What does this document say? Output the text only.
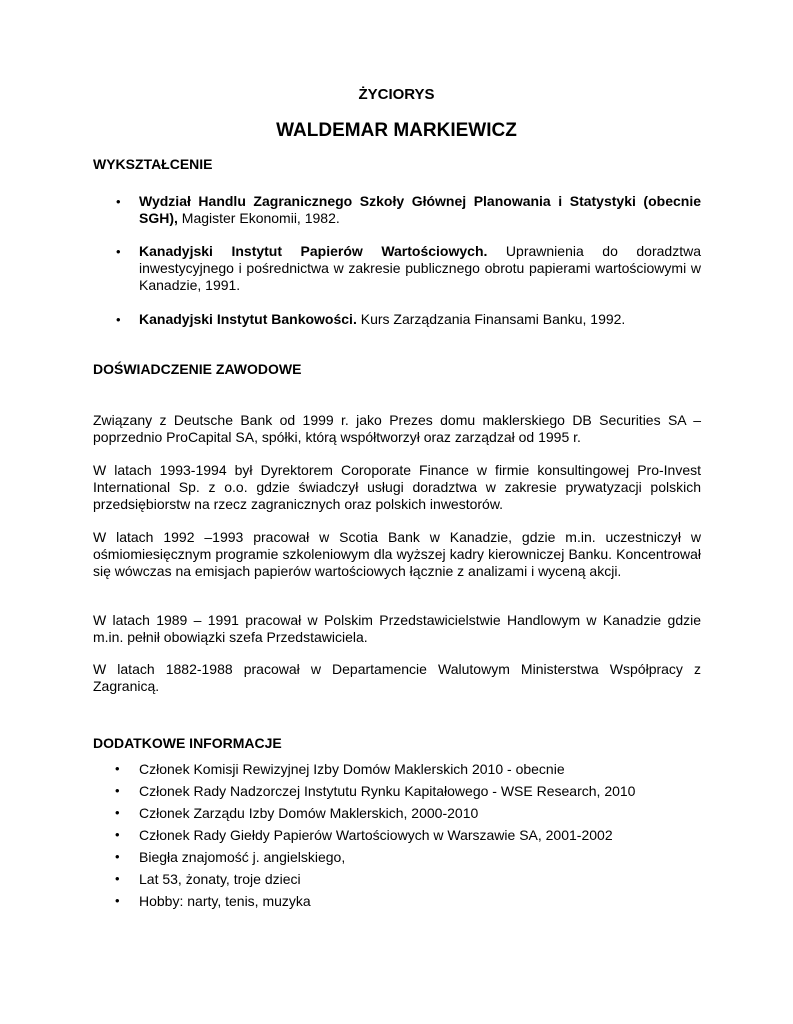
ŻYCIORYS
WALDEMAR MARKIEWICZ
WYKSZTAŁCENIE
• Wydział Handlu Zagranicznego Szkoły Głównej Planowania i Statystyki (obecnie SGH), Magister Ekonomii, 1982.
• Kanadyjski Instytut Papierów Wartościowych. Uprawnienia do doradztwa inwestycyjnego i pośrednictwa w zakresie publicznego obrotu papierami wartościowymi w Kanadzie, 1991.
• Kanadyjski Instytut Bankowości. Kurs Zarządzania Finansami Banku, 1992.
DOŚWIADCZENIE ZAWODOWE

Związany z Deutsche Bank od 1999 r. jako Prezes domu maklerskiego DB Securities SA – poprzednio ProCapital SA, spółki, którą współtworzył oraz zarządzał od 1995 r.

W latach 1993-1994 był Dyrektorem Coroporate Finance w firmie konsultingowej Pro-Invest International Sp. z o.o. gdzie świadczył usługi doradztwa w zakresie prywatyzacji polskich przedsiębiorstw na rzecz zagranicznych oraz polskich inwestorów.

W latach 1992 –1993 pracował w Scotia Bank w Kanadzie, gdzie m.in. uczestniczył w ośmiomiesięcznym programie szkoleniowym dla wyższej kadry kierowniczej Banku. Koncentrował się wówczas na emisjach papierów wartościowych łącznie z analizami i wyceną akcji.

W latach 1989 – 1991 pracował w Polskim Przedstawicielstwie Handlowym w Kanadzie gdzie m.in. pełnił obowiązki szefa Przedstawiciela.

W latach 1882-1988 pracował w Departamencie Walutowym Ministerstwa Współpracy z Zagranicą.

DODATKOWE INFORMACJE
• Członek Komisji Rewizyjnej Izby Domów Maklerskich 2010 - obecnie
• Członek Rady Nadzorczej Instytutu Rynku Kapitałowego - WSE Research, 2010
• Członek Zarządu Izby Domów Maklerskich, 2000-2010
• Członek Rady Giełdy Papierów Wartościowych w Warszawie SA, 2001-2002
• Biegła znajomość j. angielskiego,
• Lat 53, żonaty, troje dzieci
• Hobby: narty, tenis, muzyka
